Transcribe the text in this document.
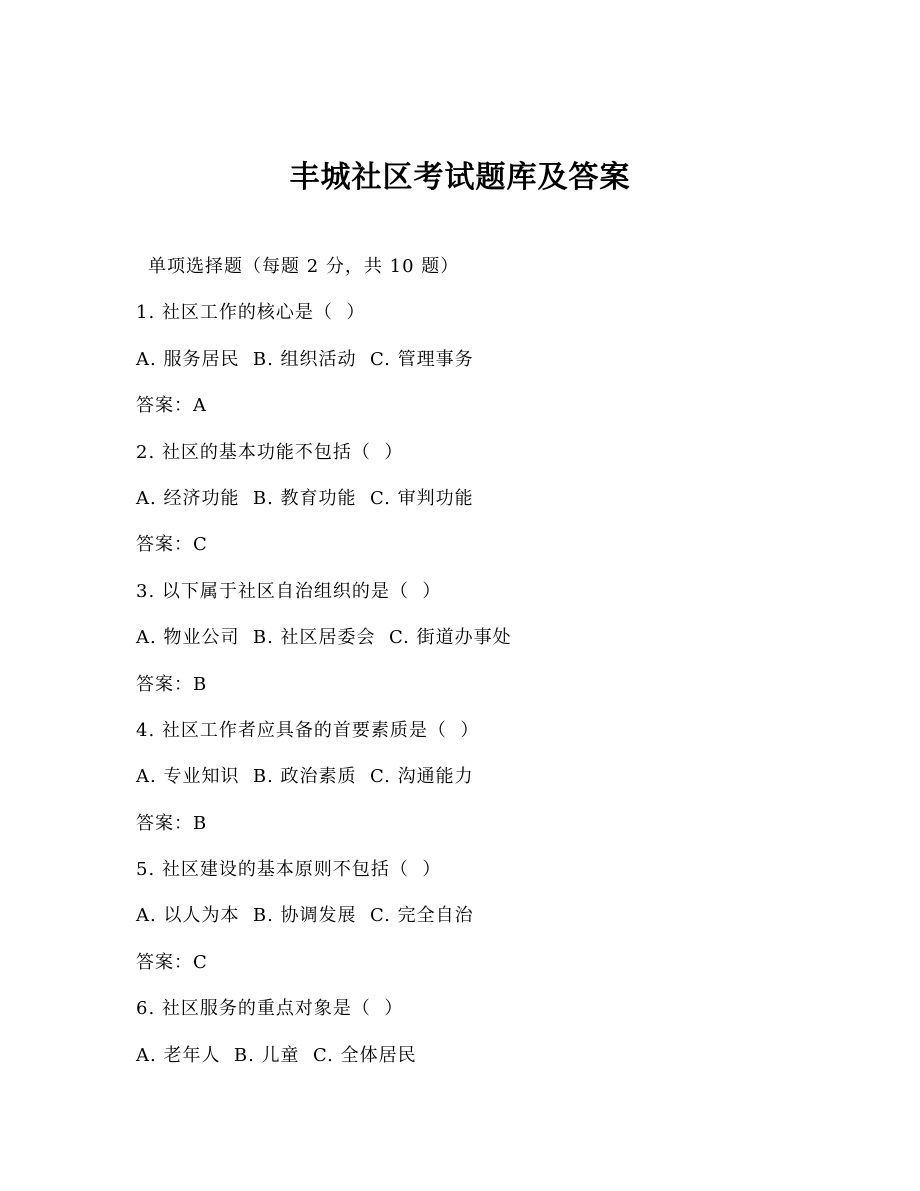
丰城社区考试题库及答案
单项选择题（每题 2 分，共 10 题）
1. 社区工作的核心是（  ）
A. 服务居民  B. 组织活动  C. 管理事务
答案：A
2. 社区的基本功能不包括（  ）
A. 经济功能  B. 教育功能  C. 审判功能
答案：C
3. 以下属于社区自治组织的是（  ）
A. 物业公司  B. 社区居委会  C. 街道办事处
答案：B
4. 社区工作者应具备的首要素质是（  ）
A. 专业知识  B. 政治素质  C. 沟通能力
答案：B
5. 社区建设的基本原则不包括（  ）
A. 以人为本  B. 协调发展  C. 完全自治
答案：C
6. 社区服务的重点对象是（  ）
A. 老年人  B. 儿童  C. 全体居民
